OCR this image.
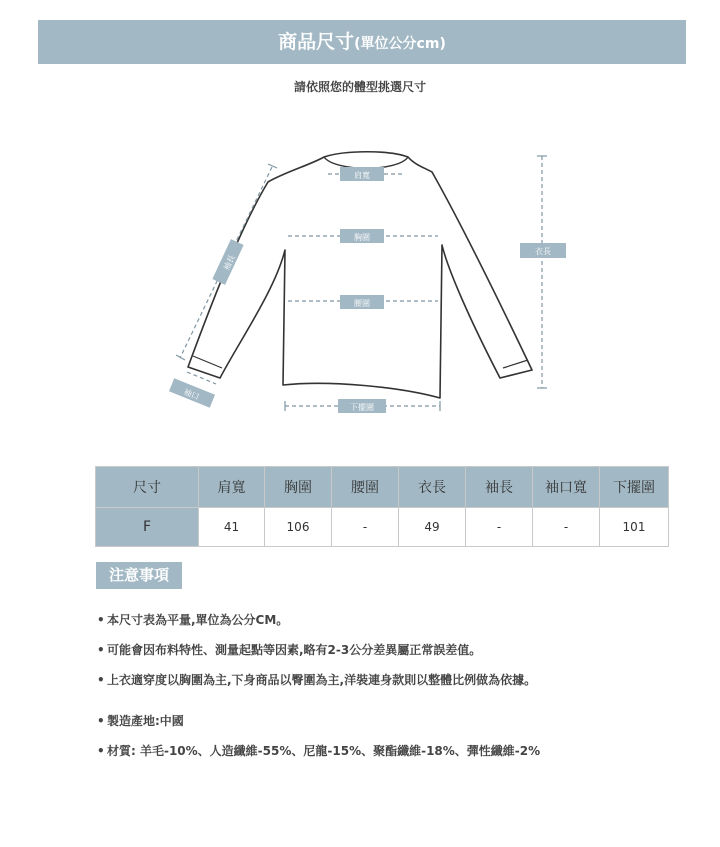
商品尺寸(單位公分cm)
請依照您的體型挑選尺寸
肩寬
胸圍
腰圍
下擺圍
衣長
袖長
袖口
尺寸	肩寬	胸圍	腰圍	衣長	袖長	袖口寬	下擺圍
F	41	106	-	49	-	-	101
注意事項
• 本尺寸表為平量,單位為公分CM。
• 可能會因布料特性、測量起點等因素,略有2-3公分差異屬正常誤差值。
• 上衣適穿度以胸圍為主,下身商品以臀圍為主,洋裝連身款則以整體比例做為依據。
• 製造產地:中國
• 材質: 羊毛-10%、人造纖維-55%、尼龍-15%、聚酯纖維-18%、彈性纖維-2%
